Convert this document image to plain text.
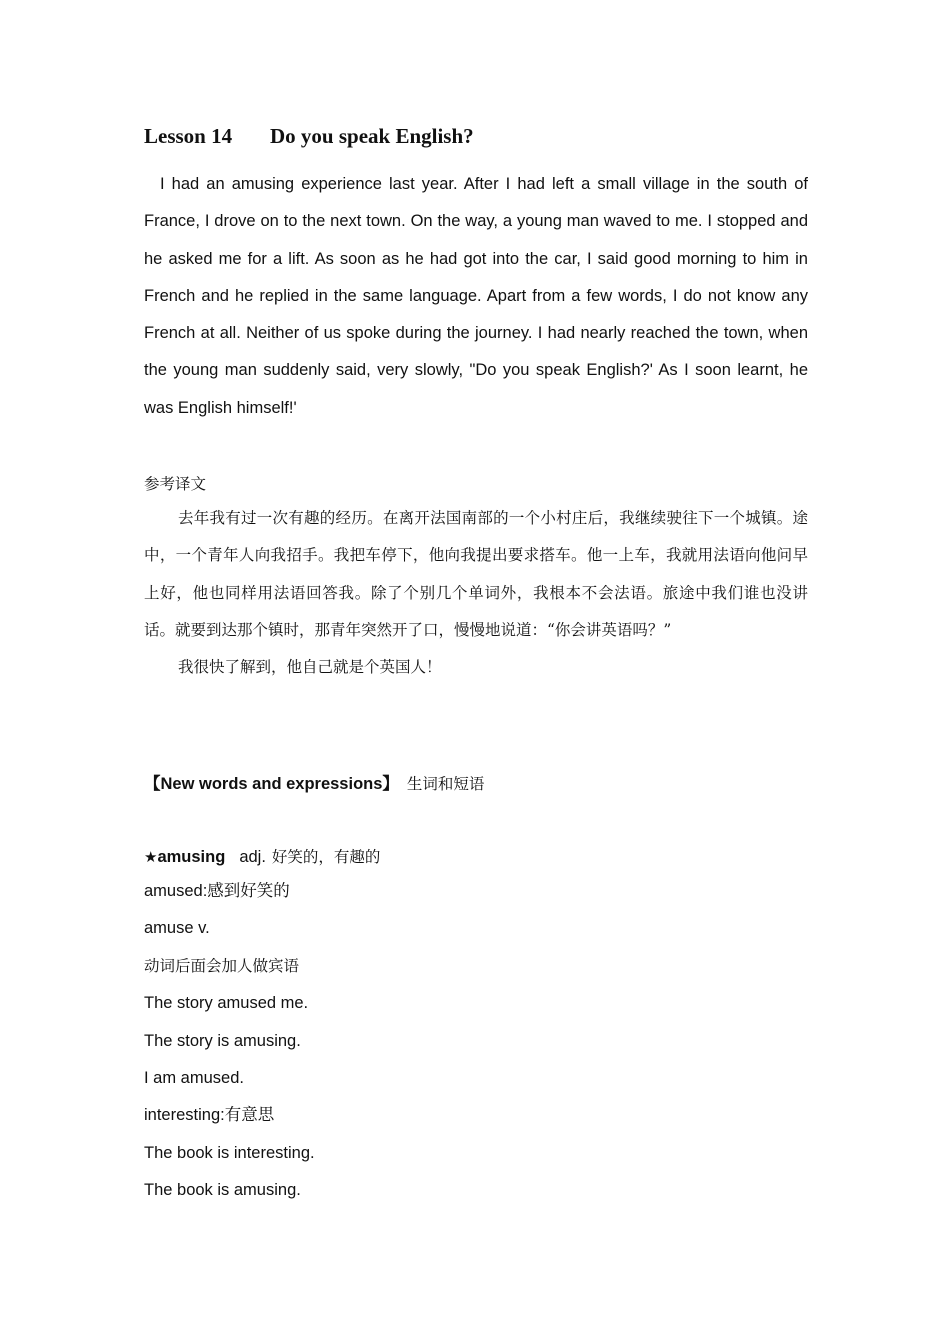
Lesson 14 Do you speak English?

I had an amusing experience last year. After I had left a small village in the south of France, I drove on to the next town. On the way, a young man waved to me. I stopped and he asked me for a lift. As soon as he had got into the car, I said good morning to him in French and he replied in the same language. Apart from a few words, I do not know any French at all. Neither of us spoke during the journey. I had nearly reached the town, when the young man suddenly said, very slowly, "Do you speak English?' As I soon learnt, he was English himself!'

参考译文

去年我有过一次有趣的经历。在离开法国南部的一个小村庄后，我继续驶往下一个城镇。途中，一个青年人向我招手。我把车停下，他向我提出要求搭车。他一上车，我就用法语向他问早上好，他也同样用法语回答我。除了个别几个单词外，我根本不会法语。旅途中我们谁也没讲话。就要到达那个镇时，那青年突然开了口，慢慢地说道：“你会讲英语吗？”

我很快了解到，他自己就是个英国人！

【New words and expressions】 生词和短语
★amusing adj. 好笑的，有趣的
amused:感到好笑的
amuse v.
动词后面会加人做宾语
The story amused me.
The story is amusing.
I am amused.
interesting:有意思
The book is interesting.
The book is amusing.
